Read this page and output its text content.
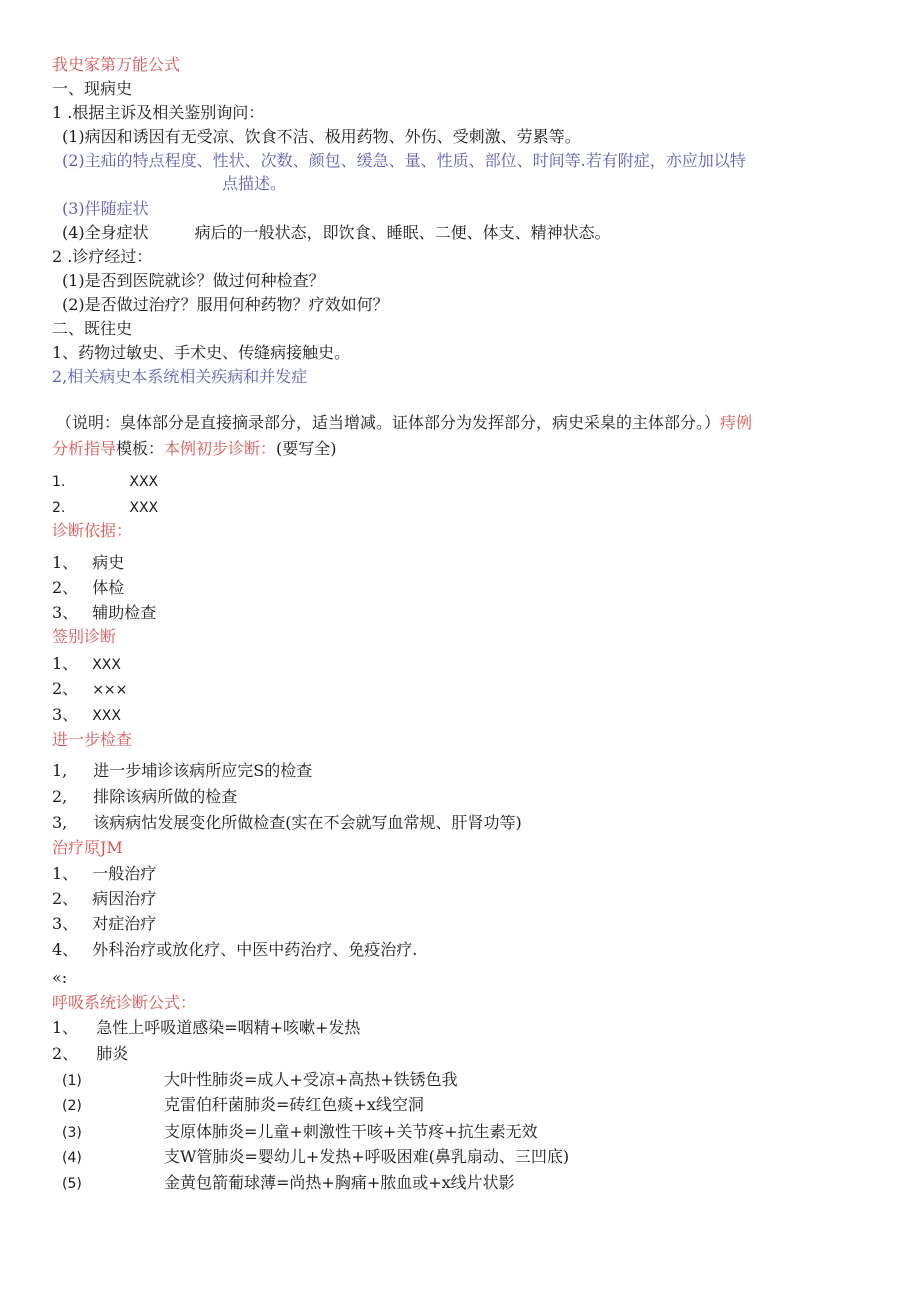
我史家第万能公式
一、现病史
1 .根据主诉及相关鉴别询问：
(1)病因和诱因有无受凉、饮食不洁、极用药物、外伤、受刺激、劳累等。
(2)主疝的特点程度、性状、次数、颜包、缓急、量、性质、部位、时间等.若有附症，亦应加以特
点描述。
(3)伴随症状
(4)全身症状	病后的一般状态，即饮食、睡眠、二便、体支、精神状态。
2 .诊疗经过：
(1)是否到医院就诊？做过何种检查？
(2)是否做过治疗？服用何种药物？疗效如何？
二、既往史
1、药物过敏史、手术史、传缝病接触史。
2,相关病史本系统相关疾病和并发症
（说明：臭体部分是直接摘录部分，适当增减。证体部分为发挥部分，病史采臬的主体部分。）痔例
分析指导模板：本例初步诊断：(要写全)
1.	XXX
2.	XXX
诊断依据：
1、 病史
2、 体检
3、 辅助检查
签别诊断
1、 XXX
2、 ×××
3、 XXX
进一步检查
1, 进一步埔诊该病所应完S的检查
2, 排除该病所做的检查
3, 该病病怙发展变化所做检查(实在不会就写血常规、肝肾功等)
治疗原JM
1、 一般治疗
2、 病因治疗
3、 对症治疗
4、 外科治疗或放化疗、中医中药治疗、免疫治疗.
«:
呼吸系统诊断公式：
1、 急性上呼吸道感染=咽精+咳嗽+发热
2、 肺炎
(1)	大叶性肺炎=成人+受凉+高热+铁锈色我
(2)	克雷伯秆菌肺炎=砖红色痰+x线空洞
(3)	支原体肺炎=儿童+刺激性干咳+关节疼+抗生素无效
(4)	支W管肺炎=婴幼儿+发热+呼吸困难(鼻乳扇动、三凹底)
(5)	金黄包箭葡球薄=尚热+胸痛+脓血或+x线片状影
